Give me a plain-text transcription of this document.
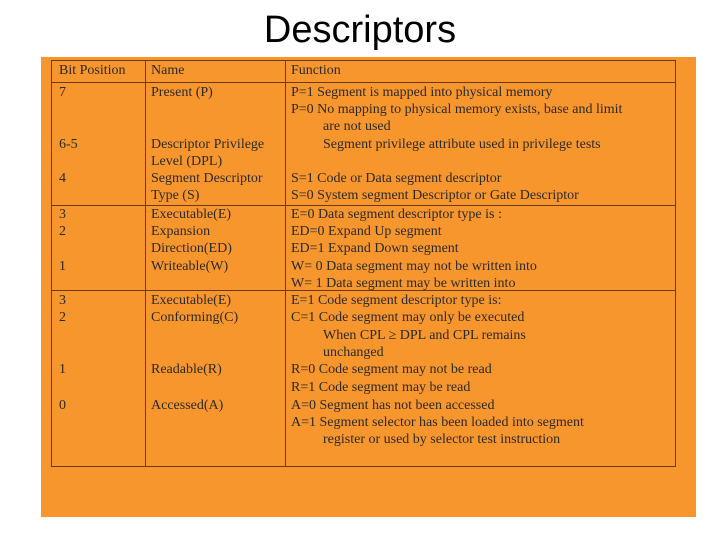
Descriptors
Bit Position Name	Function
7
6-5
4
3
2
1
3
2
1
0
Present (P)
Descriptor Privilege
Level (DPL)
Segment Descriptor
Type (S)
Executable(E)
Expansion
Direction(ED)
Writeable(W)
Executable(E)
Conforming(C)
Readable(R)
Accessed(A)
P=1 Segment is mapped into physical memory
P=0 No mapping to physical memory exists, base and limit
are not used
Segment privilege attribute used in privilege tests
S=1 Code or Data segment descriptor
S=0 System segment Descriptor or Gate Descriptor
E=0 Data segment descriptor type is :
ED=0 Expand Up segment
ED=1 Expand Down segment
W= 0 Data segment may not be written into
W= 1 Data segment may be written into
E=1 Code segment descriptor type is:
C=1 Code segment may only be executed
When CPL ≥ DPL and CPL remains
unchanged
R=0 Code segment may not be read
R=1 Code segment may be read
A=0 Segment has not been accessed
A=1 Segment selector has been loaded into segment
register or used by selector test instruction
